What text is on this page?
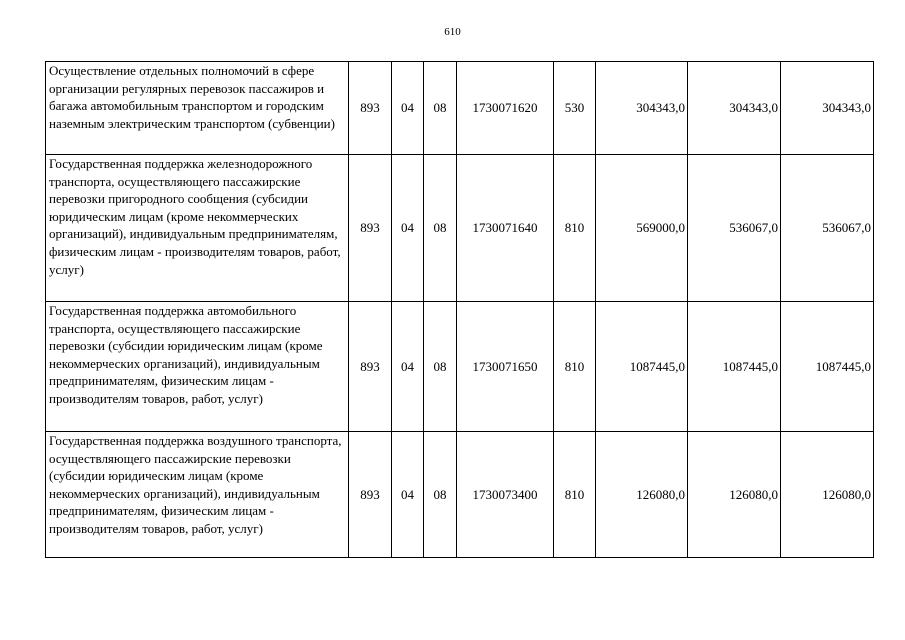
610
Осуществление отдельных полномочий в сфере организации регулярных перевозок пассажиров и багажа автомобильным транспортом и городским наземным электрическим транспортом (субвенции)	893	04	08	1730071620	530	304343,0	304343,0	304343,0
Государственная поддержка железнодорожного транспорта, осуществляющего пассажирские перевозки пригородного сообщения (субсидии юридическим лицам (кроме некоммерческих организаций), индивидуальным предпринимателям, физическим лицам - производителям товаров, работ, услуг)	893	04	08	1730071640	810	569000,0	536067,0	536067,0
Государственная поддержка автомобильного транспорта, осуществляющего пассажирские перевозки (субсидии юридическим лицам (кроме некоммерческих организаций), индивидуальным предпринимателям, физическим лицам - производителям товаров, работ, услуг)	893	04	08	1730071650	810	1087445,0	1087445,0	1087445,0
Государственная поддержка воздушного транспорта, осуществляющего пассажирские перевозки (субсидии юридическим лицам (кроме некоммерческих организаций), индивидуальным предпринимателям, физическим лицам - производителям товаров, работ, услуг)	893	04	08	1730073400	810	126080,0	126080,0	126080,0
